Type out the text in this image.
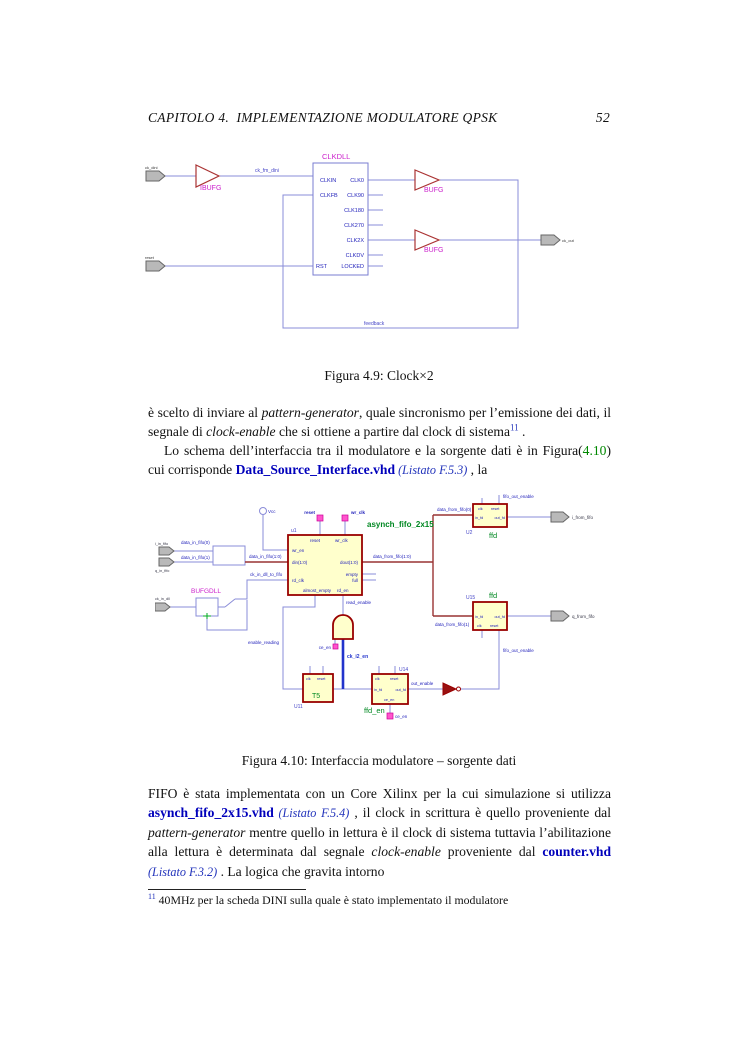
CAPITOLO 4. IMPLEMENTAZIONE MODULATORE QPSK	52
CLKDLL
IBUFG	BUFG
BUFG
ck_dini
reset
ck_out
ck_fm_dini
feedback
CLKIN
CLKFB
RST
CLK0
CLK90
CLK180
CLK270
CLK2X
CLKDV
LOCKED
Figura 4.9: Clock×2
è scelto di inviare al pattern-generator, quale sincronismo per l’emissione dei dati, il segnale di clock-enable che si ottiene a partire dal clock di sistema$^{11}$ .
Lo schema dell’interfaccia tra il modulatore e la sorgente dati è in Figura(4.10) cui corrisponde Data_Source_Interface.vhd (Listato F.5.3) , la
Vcc
u1
asynch_fifo_2x15
reset	wr_clk
wr_en
din(1:0)
rd_clk
dout(1:0)
empty
full
almost_empty rd_en
reset	wr_clk
i_in_fifo
q_in_fifo
ck_in_dll
BUFGDLL
data_in_fifo(0)
data_in_fifo(1)	data_in_fifo(1:0)
ck_in_dll_to_fifo
data_from_fifo(1:0)
data_from_fifo(0)
data_from_fifo(1)
read_enable
ce_en
enable_reading
fifo_out_enable
fifo_out_enable
out_enable
ce_en
ck_i2_en
clk reset
in_fd	out_fd
U2 ffd
i_from_fifo
in_fd	out_fd
clk reset
U15 ffd
q_from_fifo
clk reset
T5
U11
clk	reset
in_fd	out_fd
ce_en
U14
ffd_en
Figura 4.10: Interfaccia modulatore – sorgente dati
FIFO è stata implementata con un Core Xilinx per la cui simulazione si utilizza asynch_fifo_2x15.vhd (Listato F.5.4) , il clock in scrittura è quello proveniente dal pattern-generator mentre quello in lettura è il clock di sistema tuttavia l’abilitazione alla lettura è determinata dal segnale clock-enable proveniente dal counter.vhd (Listato F.3.2) . La logica che gravita intorno
$^{11}$ 40MHz per la scheda DINI sulla quale è stato implementato il modulatore
